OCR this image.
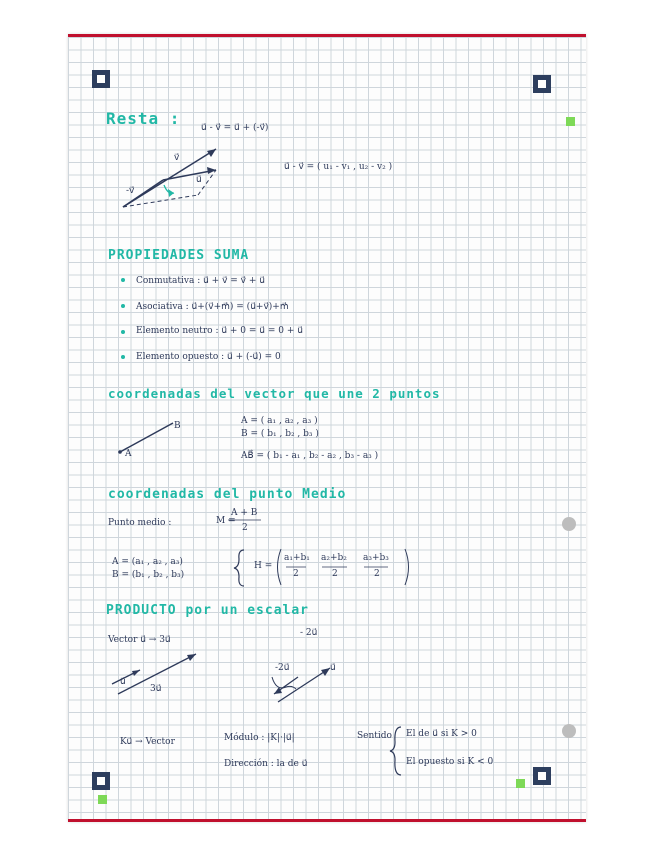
Resta : u⃗ - v⃗ = u⃗ + (-v⃗)
u⃗ - v⃗ = ( u₁ - v₁ , u₂ - v₂ )
v⃗
-v⃗
u⃗
PROPIEDADES SUMA
Conmutativa : u⃗ + v⃗ = v⃗ + u⃗
Asociativa : u⃗+(v⃗+m⃗) = (u⃗+v⃗)+m⃗
Elemento neutro : u⃗ + 0 = u⃗ = 0 + u⃗
Elemento opuesto : u⃗ + (-u⃗) = 0
coordenadas del vector que une 2 puntos
A = ( a₁ , a₂ , a₃ )
B = ( b₁ , b₂ , b₃ )
AB⃗ = ( b₁ - a₁ , b₂ - a₂ , b₃ - a₃ )
A
B
coordenadas del punto Medio
Punto medio :	M =
A + B
2
A = (a₁ , a₂ , a₃)
B = (b₁ , b₂ , b₃)
H =
a₁+b₁
2
a₂+b₂
2
a₃+b₃
2
PRODUCTO por un escalar
Vector u⃗ → 3u⃗
- 2u⃗
u⃗
3u⃗
-2u⃗	u⃗
Ku⃗ → Vector	Módulo : |K|·|u⃗|
Dirección : la de u⃗
Sentido El de u⃗ si K > 0
El opuesto si K < 0
